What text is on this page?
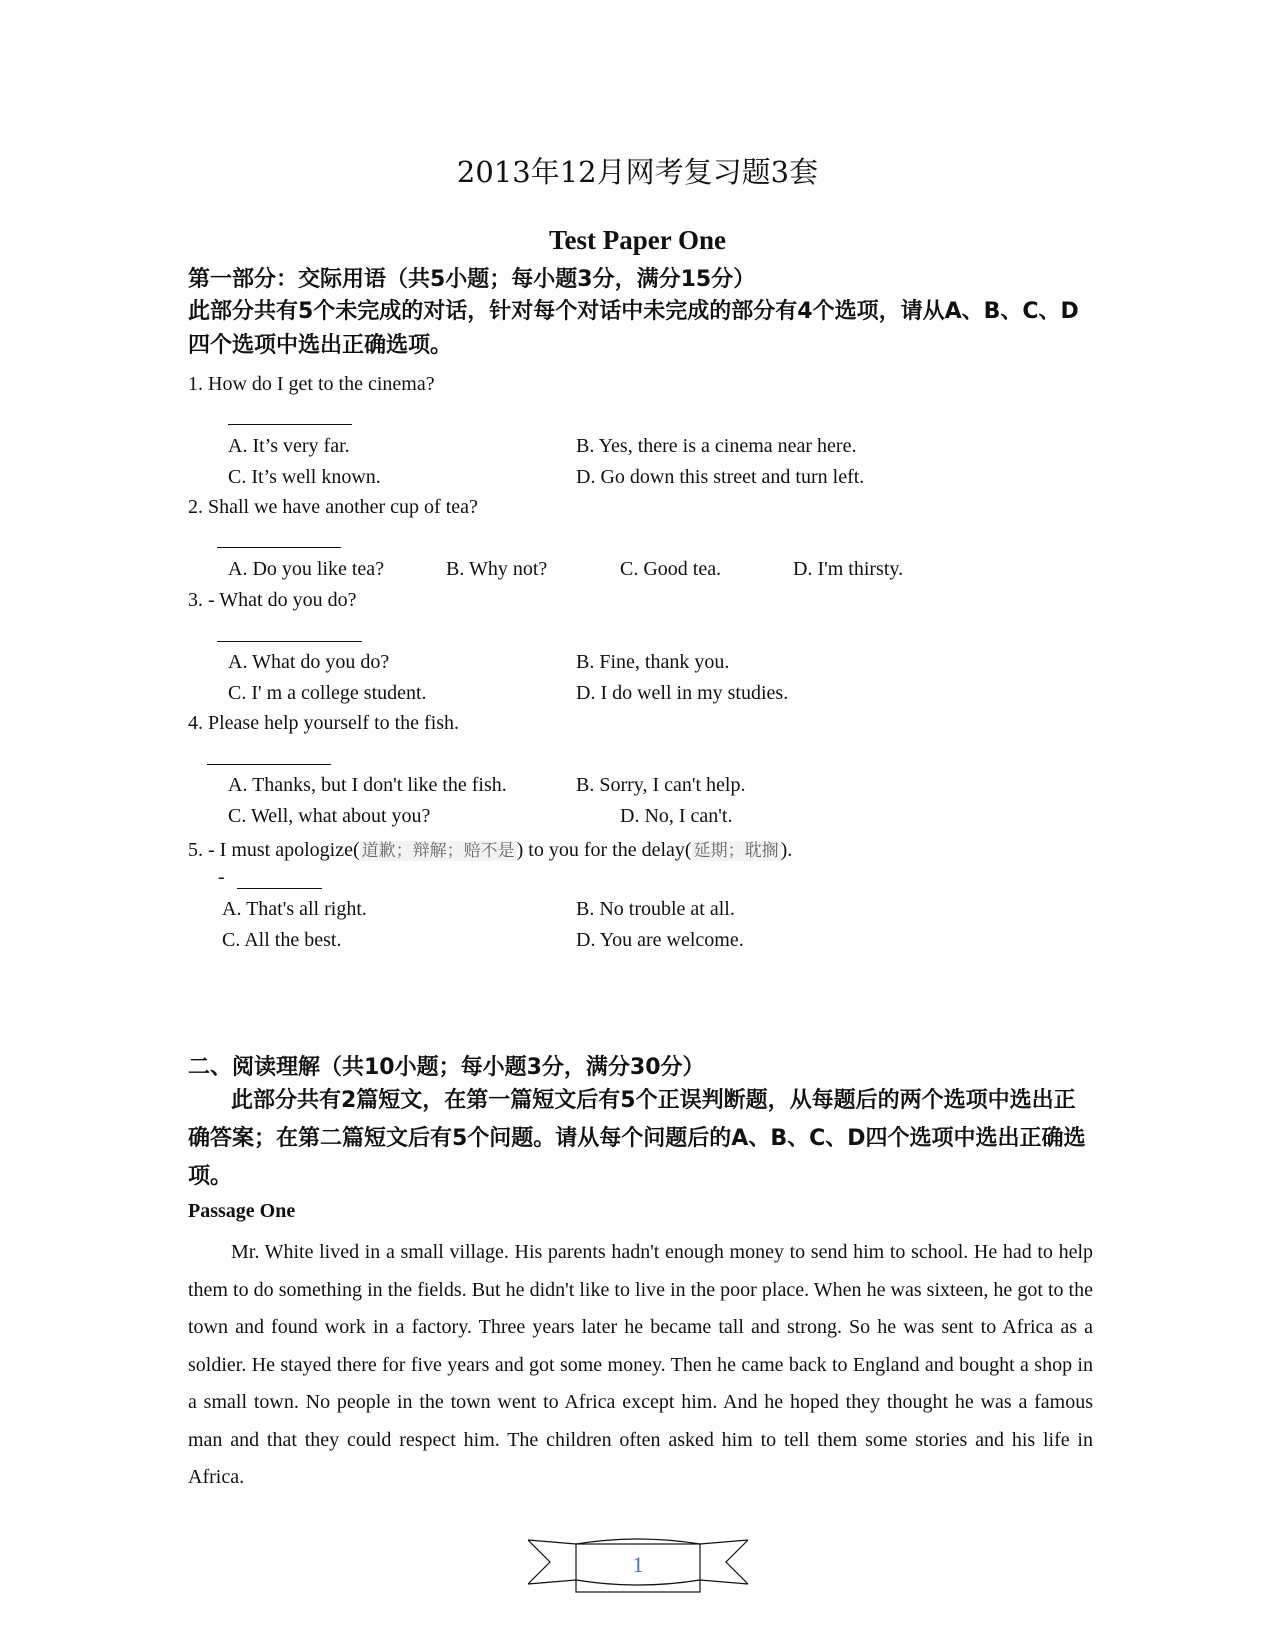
2013年12月网考复习题3套
Test Paper One
第一部分：交际用语（共5小题；每小题3分，满分15分）
此部分共有5个未完成的对话，针对每个对话中未完成的部分有4个选项，请从A、B、C、D四个选项中选出正确选项。
1. How do I get to the cinema?
A. It’s very far.	B. Yes, there is a cinema near here.
C. It’s well known.	D. Go down this street and turn left.
2. Shall we have another cup of tea?
A. Do you like tea?	B. Why not?	C. Good tea.	D. I'm thirsty.
3. - What do you do?
A. What do you do?	B. Fine, thank you.
C. I' m a college student.	D. I do well in my studies.
4. Please help yourself to the fish.
A. Thanks, but I don't like the fish.	B. Sorry, I can't help.
C. Well, what about you?	D. No, I can't.
5. - I must apologize( 道歉；辩解；赔不是 ) to you for the delay( 延期；耽搁 ).
-
A. That's all right.	B. No trouble at all.
C. All the best.	D. You are welcome.
二、阅读理解（共10小题；每小题3分，满分30分）
此部分共有2篇短文，在第一篇短文后有5个正误判断题，从每题后的两个选项中选出正确答案；在第二篇短文后有5个问题。请从每个问题后的A、B、C、D四个选项中选出正确选项。
Passage One
Mr. White lived in a small village. His parents hadn't enough money to send him to school. He had to help them to do something in the fields. But he didn't like to live in the poor place. When he was sixteen, he got to the town and found work in a factory. Three years later he became tall and strong. So he was sent to Africa as a soldier. He stayed there for five years and got some money. Then he came back to England and bought a shop in a small town. No people in the town went to Africa except him. And he hoped they thought he was a famous man and that they could respect him. The children often asked him to tell them some stories and his life in Africa.
1
